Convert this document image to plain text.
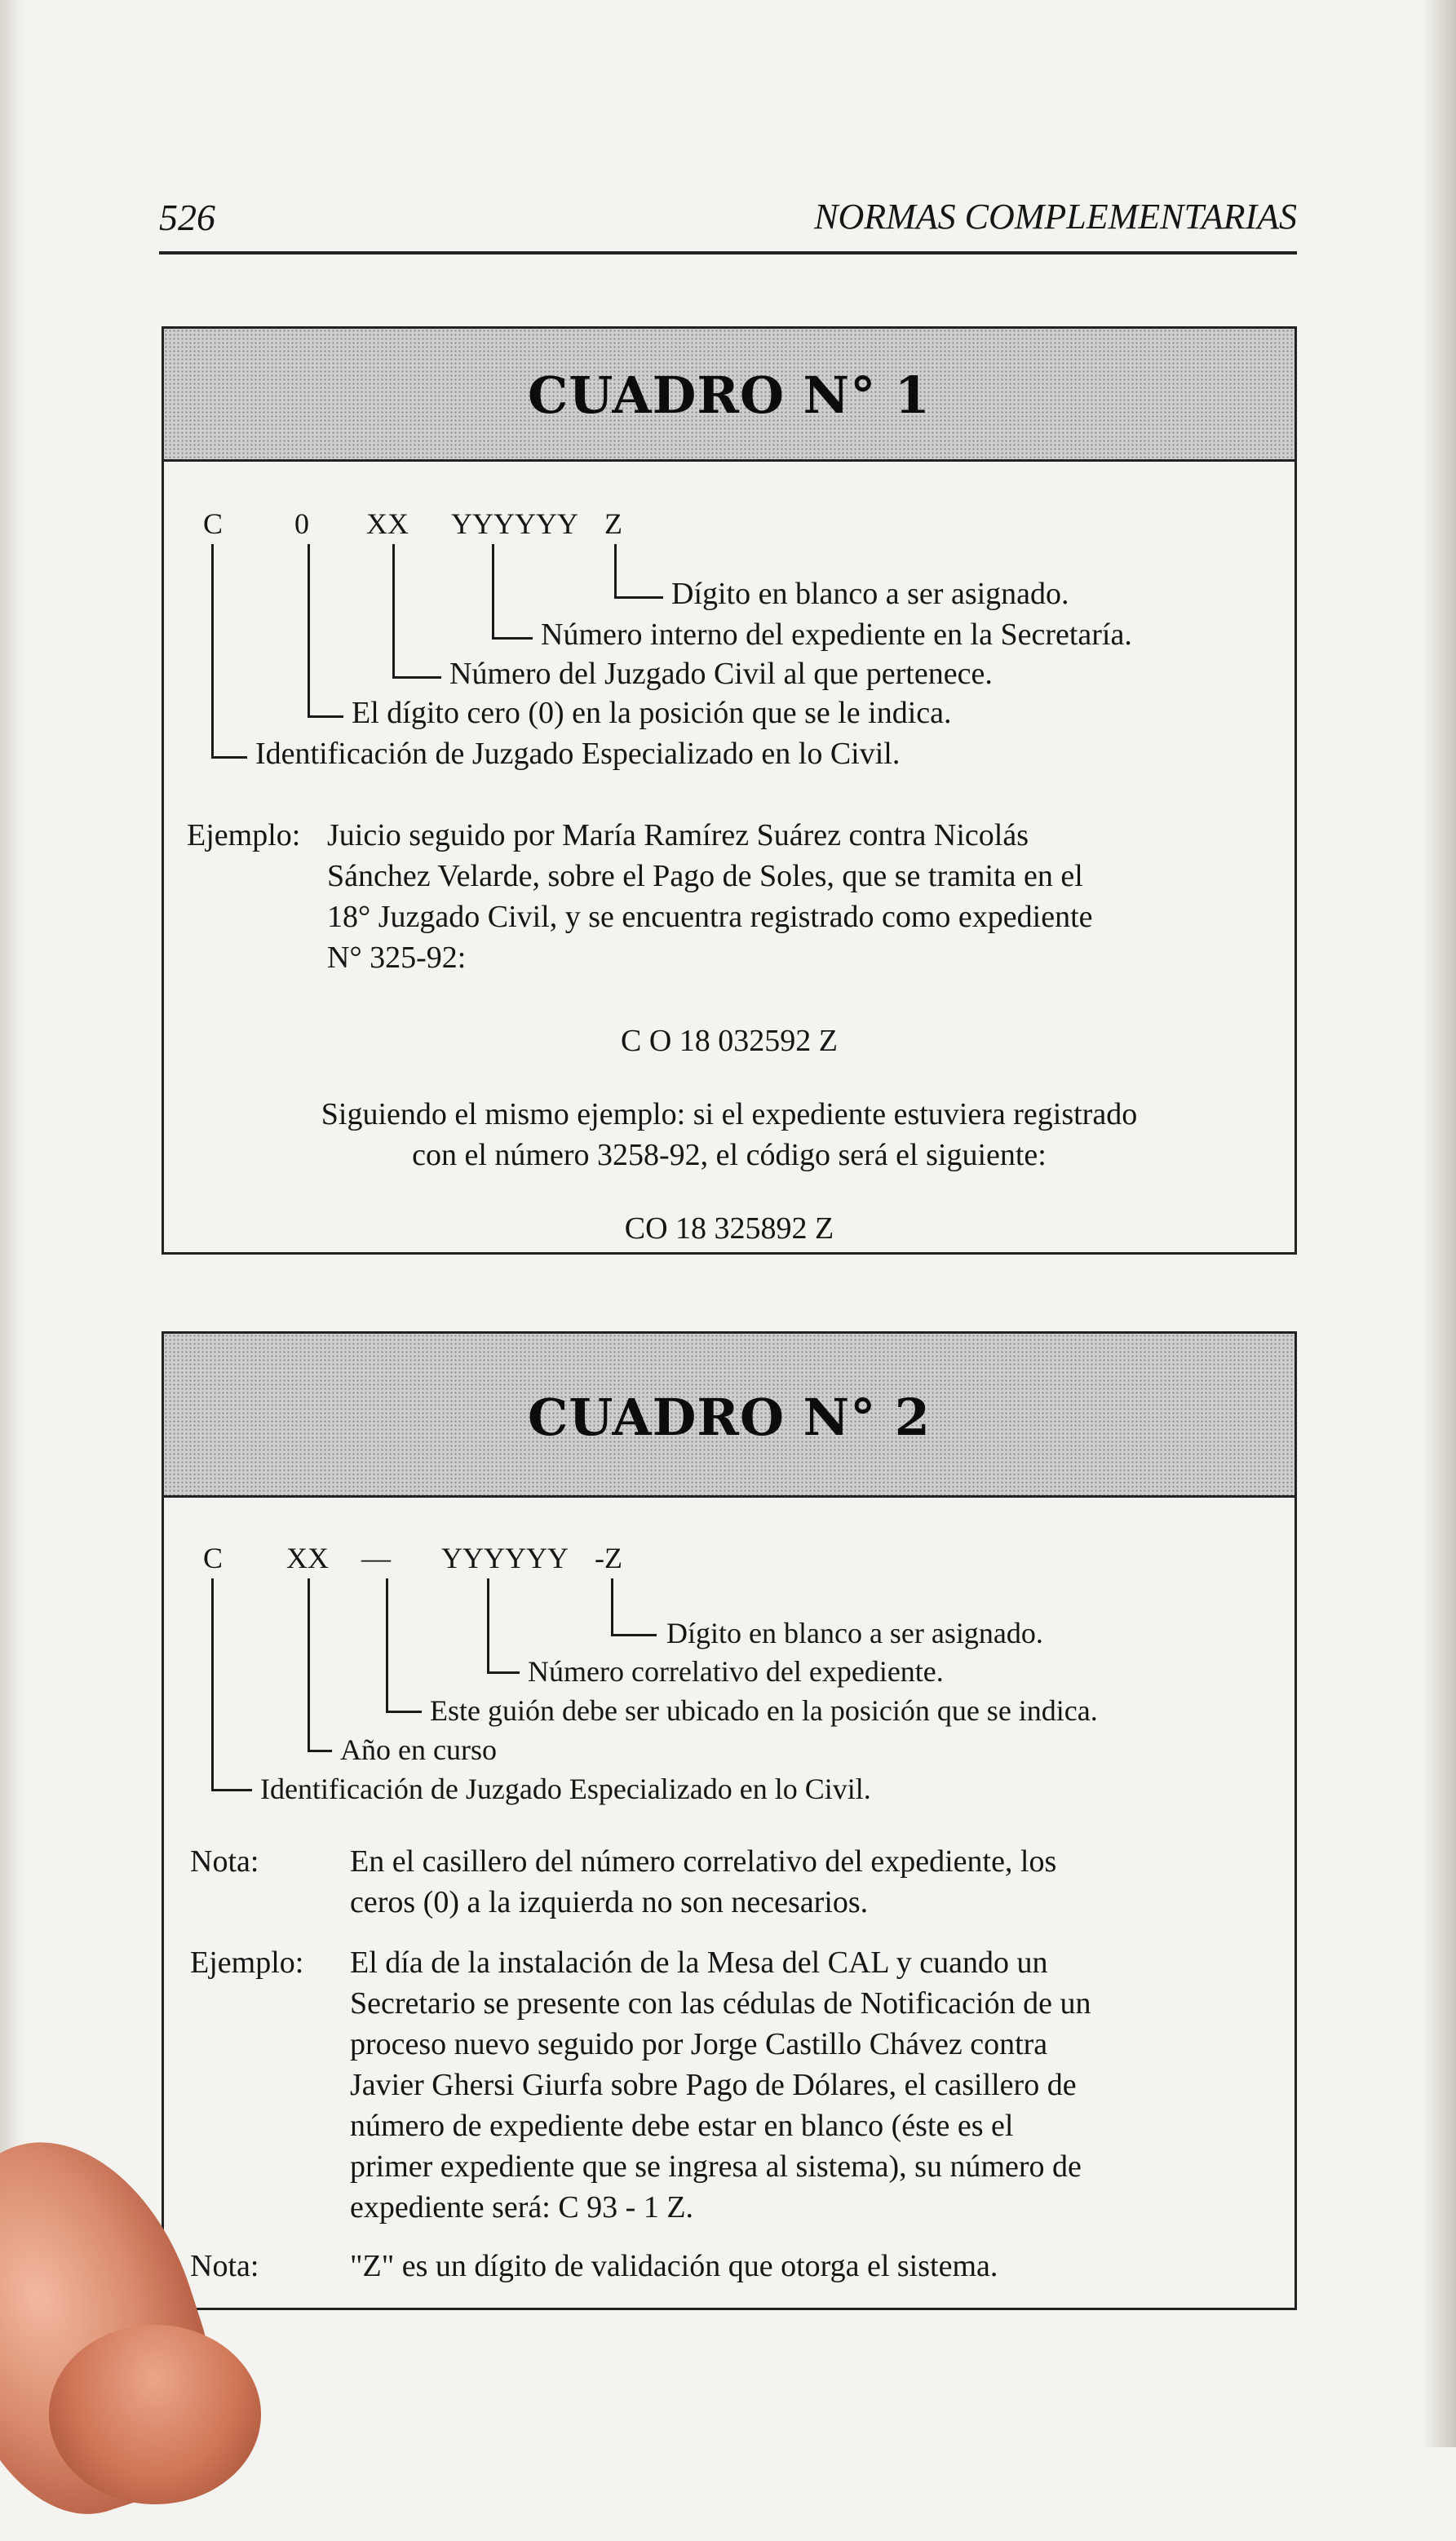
526	NORMAS COMPLEMENTARIAS
CUADRO N° 1
C 0 XX YYYYYY Z
Dígito en blanco a ser asignado.
Número interno del expediente en la Secretaría.
Número del Juzgado Civil al que pertenece.
El dígito cero (0) en la posición que se le indica.
Identificación de Juzgado Especializado en lo Civil.
Ejemplo: Juicio seguido por María Ramírez Suárez contra Nicolás
Sánchez Velarde, sobre el Pago de Soles, que se tramita en el
18° Juzgado Civil, y se encuentra registrado como expediente
N° 325-92:
C O 18 032592 Z
Siguiendo el mismo ejemplo: si el expediente estuviera registrado
con el número 3258-92, el código será el siguiente:
CO 18 325892 Z
CUADRO N° 2
C XX — YYYYYY -Z
Dígito en blanco a ser asignado.
Número correlativo del expediente.
Este guión debe ser ubicado en la posición que se indica.
Año en curso
Identificación de Juzgado Especializado en lo Civil.
Nota:	En el casillero del número correlativo del expediente, los
ceros (0) a la izquierda no son necesarios.
Ejemplo: El día de la instalación de la Mesa del CAL y cuando un
Secretario se presente con las cédulas de Notificación de un
proceso nuevo seguido por Jorge Castillo Chávez contra
Javier Ghersi Giurfa sobre Pago de Dólares, el casillero de
número de expediente debe estar en blanco (éste es el
primer expediente que se ingresa al sistema), su número de
expediente será: C 93 - 1 Z.
Nota:	"Z" es un dígito de validación que otorga el sistema.
